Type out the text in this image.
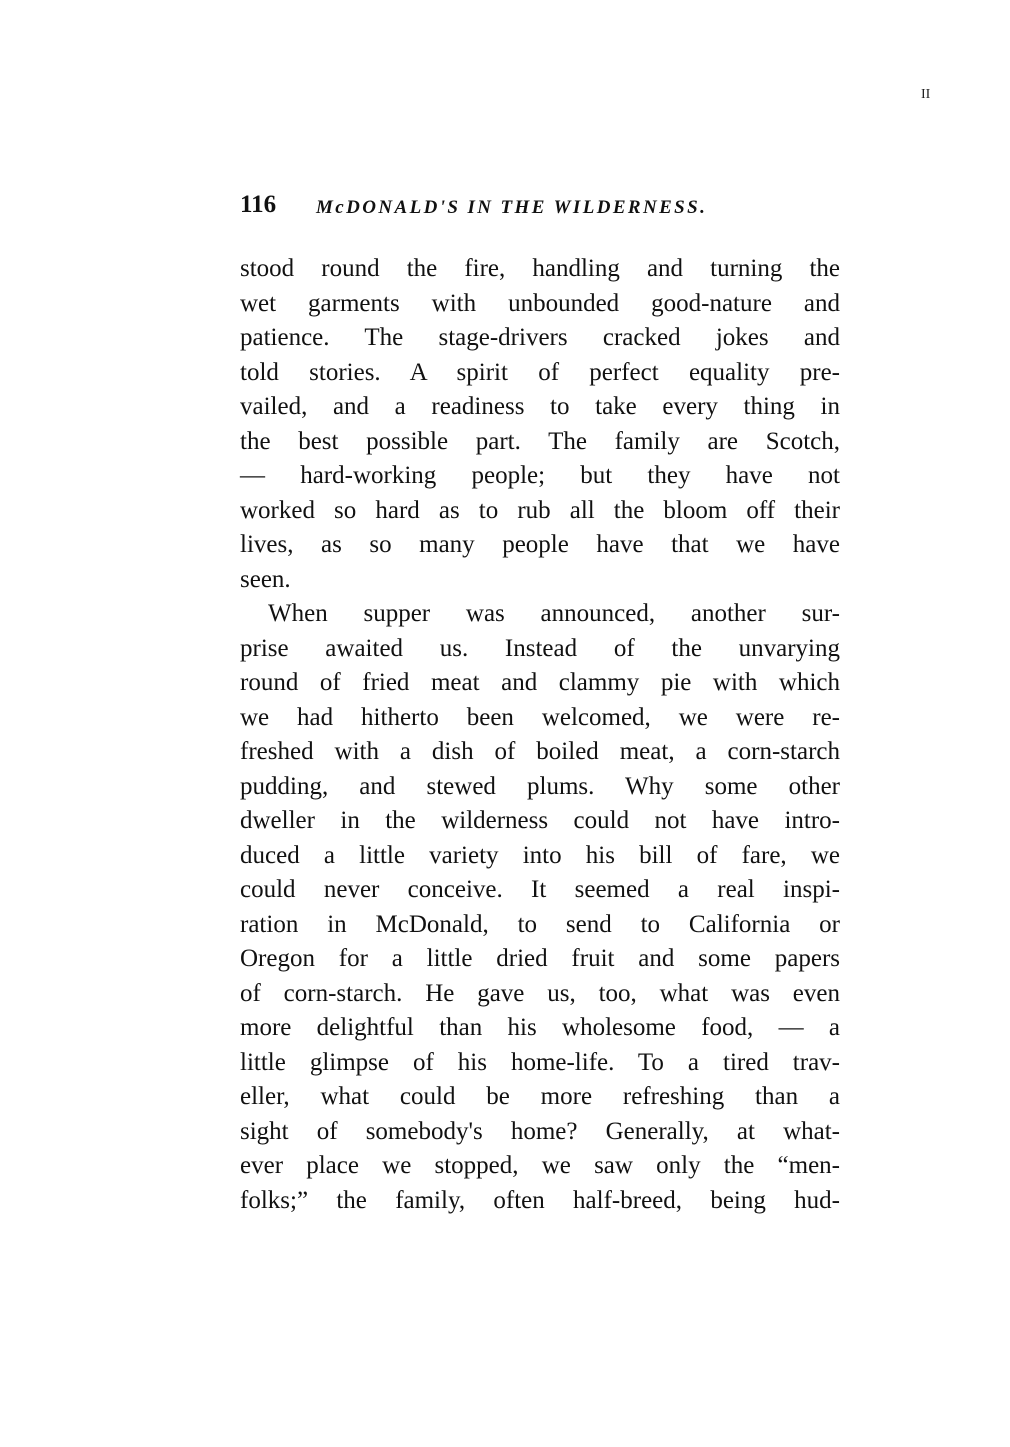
II
116 McDONALD'S IN THE WILDERNESS.
stood round the fire, handling and turning the
wet garments with unbounded good-nature and
patience. The stage-drivers cracked jokes and
told stories. A spirit of perfect equality pre-
vailed, and a readiness to take every thing in
the best possible part. The family are Scotch,
— hard-working people; but they have not
worked so hard as to rub all the bloom off their
lives, as so many people have that we have
seen.
When supper was announced, another sur-
prise awaited us. Instead of the unvarying
round of fried meat and clammy pie with which
we had hitherto been welcomed, we were re-
freshed with a dish of boiled meat, a corn-starch
pudding, and stewed plums. Why some other
dweller in the wilderness could not have intro-
duced a little variety into his bill of fare, we
could never conceive. It seemed a real inspi-
ration in McDonald, to send to California or
Oregon for a little dried fruit and some papers
of corn-starch. He gave us, too, what was even
more delightful than his wholesome food, — a
little glimpse of his home-life. To a tired trav-
eller, what could be more refreshing than a
sight of somebody's home? Generally, at what-
ever place we stopped, we saw only the “men-
folks;” the family, often half-breed, being hud-
